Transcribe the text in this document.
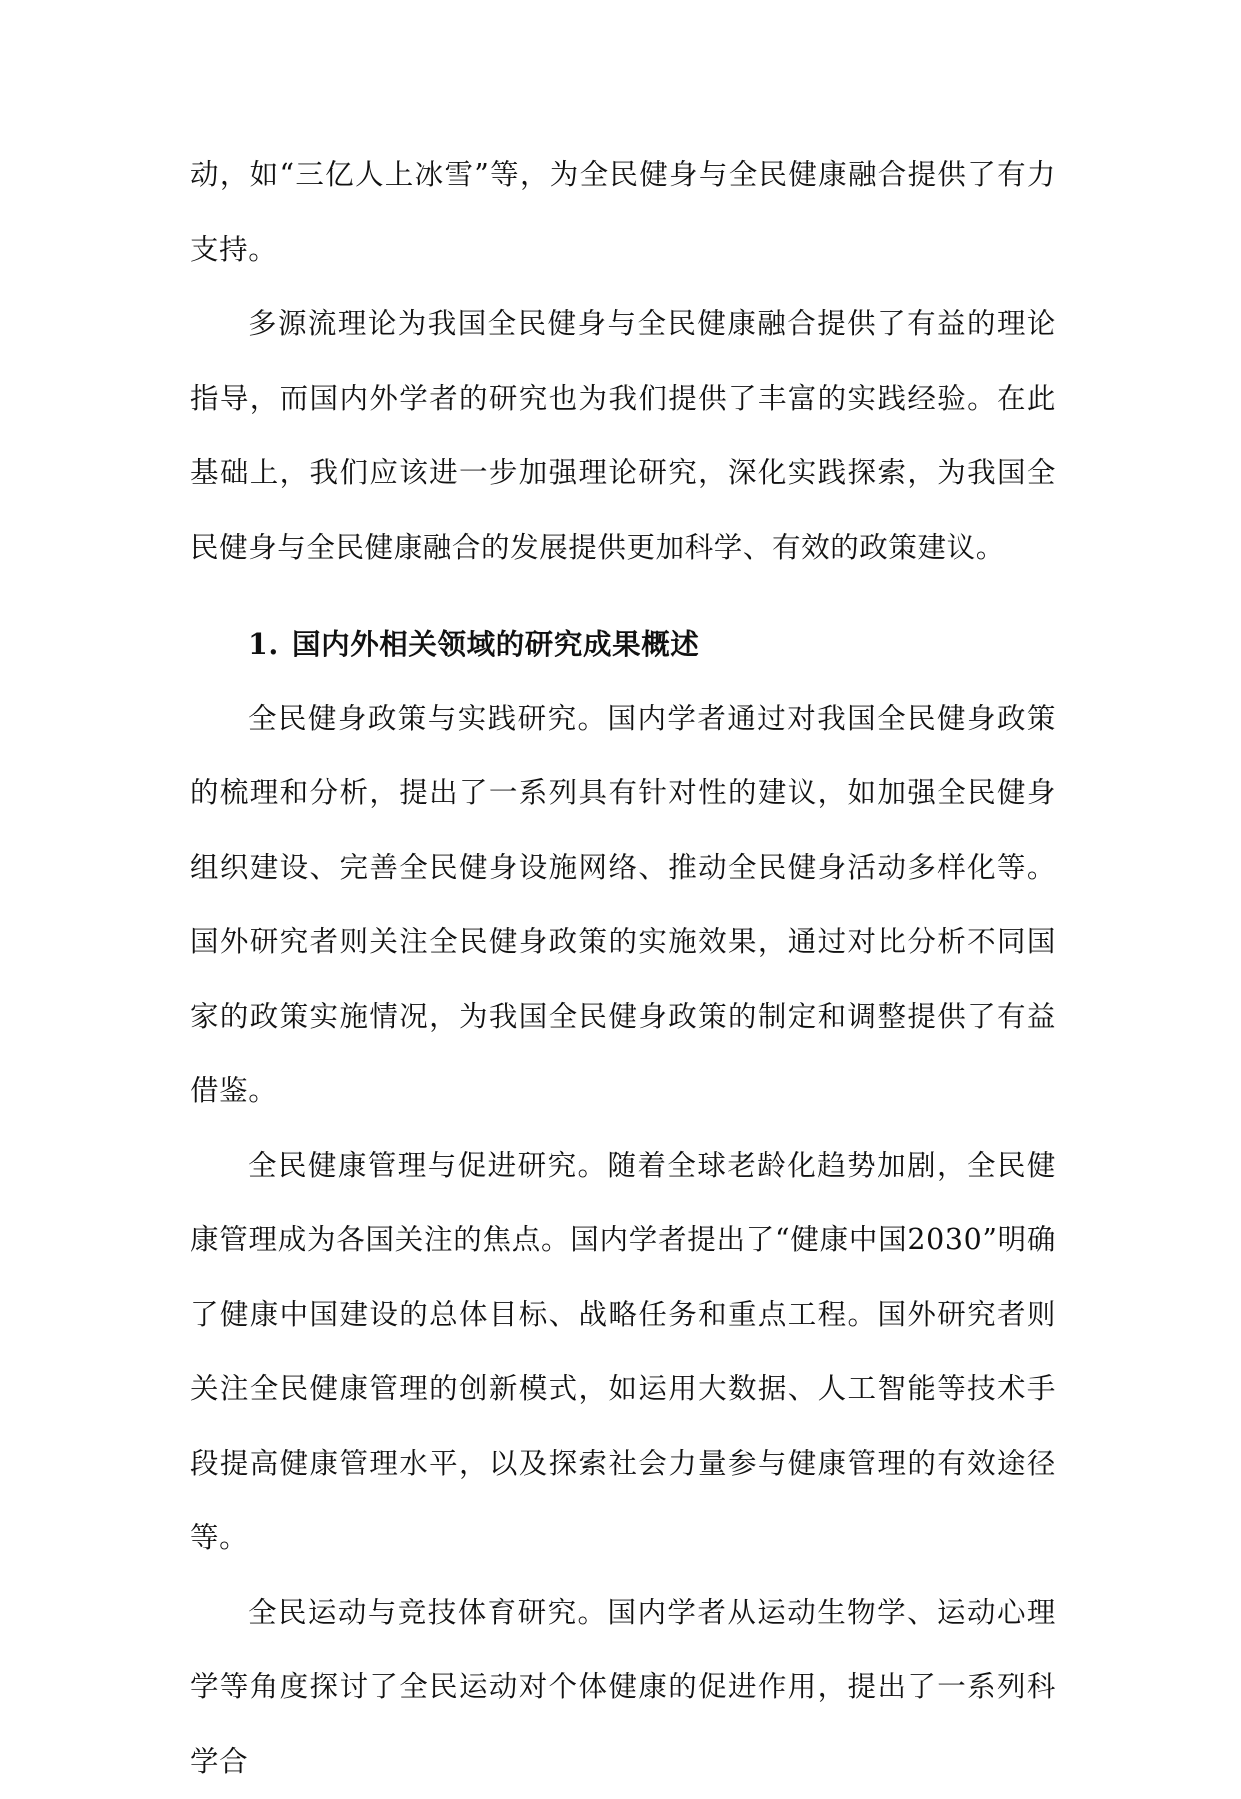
动，如“三亿人上冰雪”等，为全民健身与全民健康融合提供了有力支持。

多源流理论为我国全民健身与全民健康融合提供了有益的理论指导，而国内外学者的研究也为我们提供了丰富的实践经验。在此基础上，我们应该进一步加强理论研究，深化实践探索，为我国全民健身与全民健康融合的发展提供更加科学、有效的政策建议。

1. 国内外相关领域的研究成果概述

全民健身政策与实践研究。国内学者通过对我国全民健身政策的梳理和分析，提出了一系列具有针对性的建议，如加强全民健身组织建设、完善全民健身设施网络、推动全民健身活动多样化等。国外研究者则关注全民健身政策的实施效果，通过对比分析不同国家的政策实施情况，为我国全民健身政策的制定和调整提供了有益借鉴。

全民健康管理与促进研究。随着全球老龄化趋势加剧，全民健康管理成为各国关注的焦点。国内学者提出了“健康中国2030”明确了健康中国建设的总体目标、战略任务和重点工程。国外研究者则关注全民健康管理的创新模式，如运用大数据、人工智能等技术手段提高健康管理水平，以及探索社会力量参与健康管理的有效途径等。

全民运动与竞技体育研究。国内学者从运动生物学、运动心理学等角度探讨了全民运动对个体健康的促进作用，提出了一系列科学合
